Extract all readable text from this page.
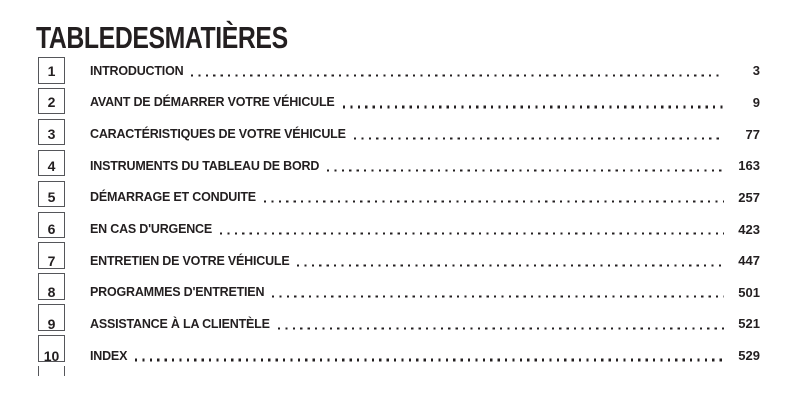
TABLEDESMATIÈRES
1	INTRODUCTION	3
2	AVANT DE DÉMARRER VOTRE VÉHICULE	9
3	CARACTÉRISTIQUES DE VOTRE VÉHICULE	77
4	INSTRUMENTS DU TABLEAU DE BORD	163
5	DÉMARRAGE ET CONDUITE	257
6	EN CAS D'URGENCE	423
7	ENTRETIEN DE VOTRE VÉHICULE	447
8	PROGRAMMES D'ENTRETIEN	501
9	ASSISTANCE À LA CLIENTÈLE	521
10	INDEX	529
